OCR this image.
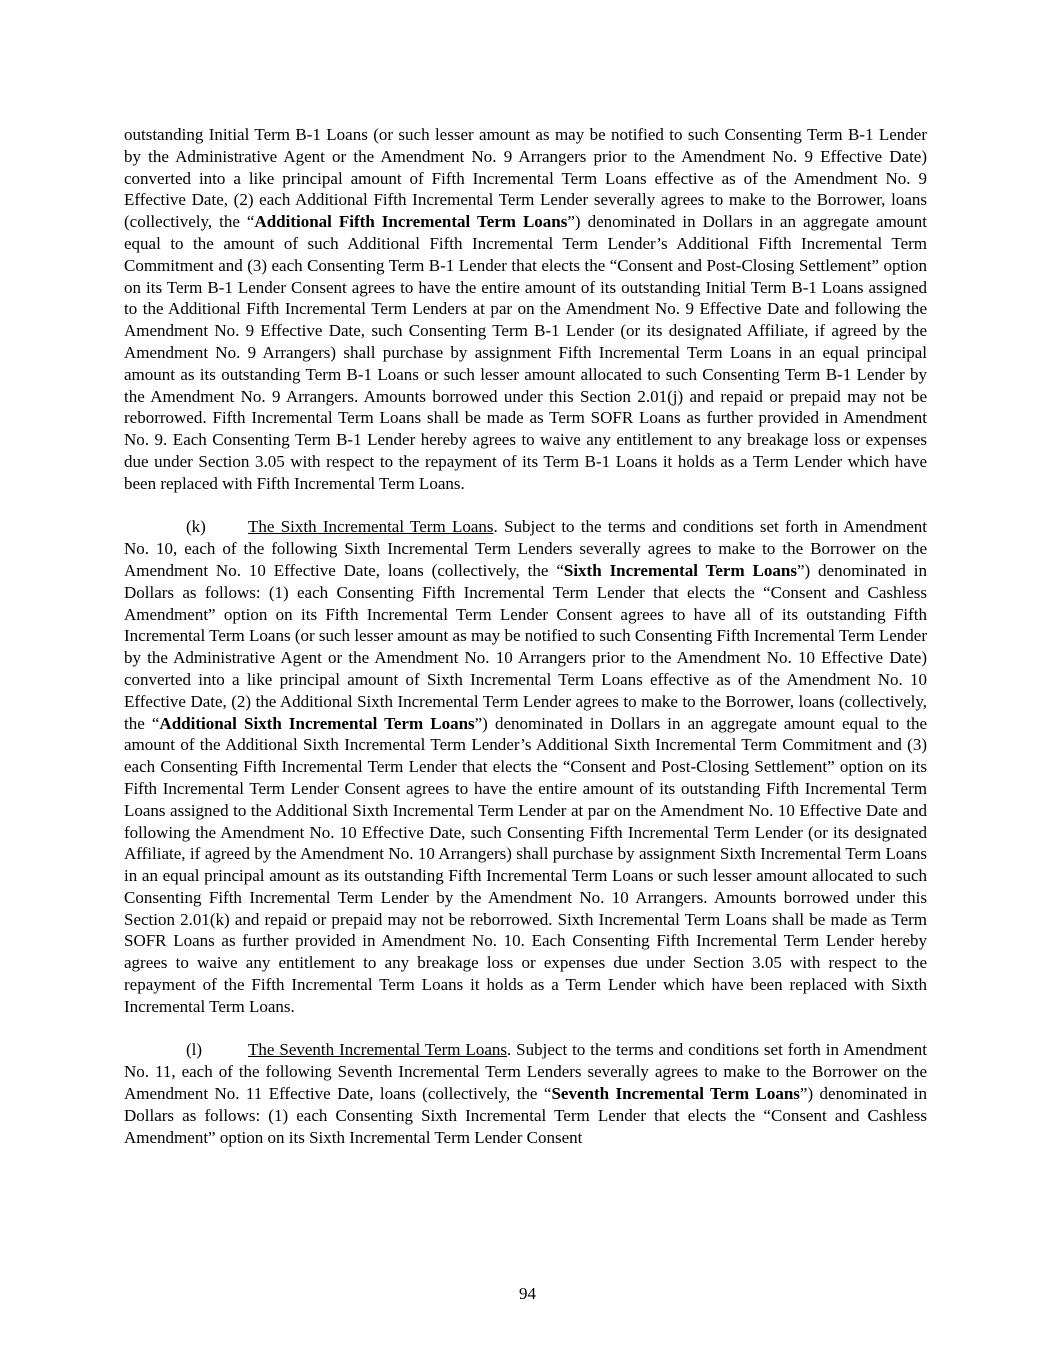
outstanding Initial Term B-1 Loans (or such lesser amount as may be notified to such Consenting Term B-1 Lender by the Administrative Agent or the Amendment No. 9 Arrangers prior to the Amendment No. 9 Effective Date) converted into a like principal amount of Fifth Incremental Term Loans effective as of the Amendment No. 9 Effective Date, (2) each Additional Fifth Incremental Term Lender severally agrees to make to the Borrower, loans (collectively, the “Additional Fifth Incremental Term Loans”) denominated in Dollars in an aggregate amount equal to the amount of such Additional Fifth Incremental Term Lender’s Additional Fifth Incremental Term Commitment and (3) each Consenting Term B-1 Lender that elects the “Consent and Post-Closing Settlement” option on its Term B-1 Lender Consent agrees to have the entire amount of its outstanding Initial Term B-1 Loans assigned to the Additional Fifth Incremental Term Lenders at par on the Amendment No. 9 Effective Date and following the Amendment No. 9 Effective Date, such Consenting Term B-1 Lender (or its designated Affiliate, if agreed by the Amendment No. 9 Arrangers) shall purchase by assignment Fifth Incremental Term Loans in an equal principal amount as its outstanding Term B-1 Loans or such lesser amount allocated to such Consenting Term B-1 Lender by the Amendment No. 9 Arrangers. Amounts borrowed under this Section 2.01(j) and repaid or prepaid may not be reborrowed. Fifth Incremental Term Loans shall be made as Term SOFR Loans as further provided in Amendment No. 9. Each Consenting Term B-1 Lender hereby agrees to waive any entitlement to any breakage loss or expenses due under Section 3.05 with respect to the repayment of its Term B-1 Loans it holds as a Term Lender which have been replaced with Fifth Incremental Term Loans.

(k) The Sixth Incremental Term Loans. Subject to the terms and conditions set forth in Amendment No. 10, each of the following Sixth Incremental Term Lenders severally agrees to make to the Borrower on the Amendment No. 10 Effective Date, loans (collectively, the “Sixth Incremental Term Loans”) denominated in Dollars as follows: (1) each Consenting Fifth Incremental Term Lender that elects the “Consent and Cashless Amendment” option on its Fifth Incremental Term Lender Consent agrees to have all of its outstanding Fifth Incremental Term Loans (or such lesser amount as may be notified to such Consenting Fifth Incremental Term Lender by the Administrative Agent or the Amendment No. 10 Arrangers prior to the Amendment No. 10 Effective Date) converted into a like principal amount of Sixth Incremental Term Loans effective as of the Amendment No. 10 Effective Date, (2) the Additional Sixth Incremental Term Lender agrees to make to the Borrower, loans (collectively, the “Additional Sixth Incremental Term Loans”) denominated in Dollars in an aggregate amount equal to the amount of the Additional Sixth Incremental Term Lender’s Additional Sixth Incremental Term Commitment and (3) each Consenting Fifth Incremental Term Lender that elects the “Consent and Post-Closing Settlement” option on its Fifth Incremental Term Lender Consent agrees to have the entire amount of its outstanding Fifth Incremental Term Loans assigned to the Additional Sixth Incremental Term Lender at par on the Amendment No. 10 Effective Date and following the Amendment No. 10 Effective Date, such Consenting Fifth Incremental Term Lender (or its designated Affiliate, if agreed by the Amendment No. 10 Arrangers) shall purchase by assignment Sixth Incremental Term Loans in an equal principal amount as its outstanding Fifth Incremental Term Loans or such lesser amount allocated to such Consenting Fifth Incremental Term Lender by the Amendment No. 10 Arrangers. Amounts borrowed under this Section 2.01(k) and repaid or prepaid may not be reborrowed. Sixth Incremental Term Loans shall be made as Term SOFR Loans as further provided in Amendment No. 10. Each Consenting Fifth Incremental Term Lender hereby agrees to waive any entitlement to any breakage loss or expenses due under Section 3.05 with respect to the repayment of the Fifth Incremental Term Loans it holds as a Term Lender which have been replaced with Sixth Incremental Term Loans.

(l)	The Seventh Incremental Term Loans. Subject to the terms and conditions set forth in Amendment No. 11, each of the following Seventh Incremental Term Lenders severally agrees to make to the Borrower on the Amendment No. 11 Effective Date, loans (collectively, the “Seventh Incremental Term Loans”) denominated in Dollars as follows: (1) each Consenting Sixth Incremental Term Lender that elects the “Consent and Cashless Amendment” option on its Sixth Incremental Term Lender Consent

94
